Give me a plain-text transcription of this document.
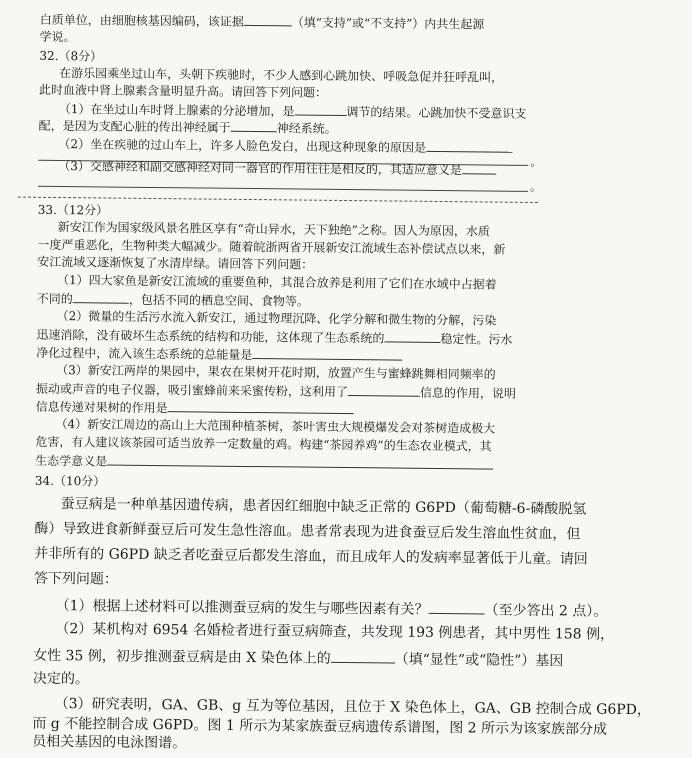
白质单位，由细胞核基因编码，该证据	（填“支持”或“不支持”）内共生起源
学说。
32.（8分）
在游乐园乘坐过山车，头朝下疾驰时，不少人感到心跳加快、呼吸急促并狂呼乱叫，
此时血液中肾上腺素含量明显升高。请回答下列问题：
（1）在坐过山车时肾上腺素的分泌增加，是	调节的结果。心跳加快不受意识支
配，是因为支配心脏的传出神经属于	神经系统。
（2）坐在疾驰的过山车上，许多人脸色发白，出现这种现象的原因是
。
（3）交感神经和副交感神经对同一器官的作用往往是相反的，其适应意义是
。
33.（12分）
新安江作为国家级风景名胜区享有“奇山异水，天下独绝”之称。因人为原因，水质
一度严重恶化，生物种类大幅减少。随着皖浙两省开展新安江流域生态补偿试点以来，新
安江流域又逐渐恢复了水清岸绿。请回答下列问题：
（1）四大家鱼是新安江流域的重要鱼种，其混合放养是利用了它们在水域中占据着
不同的	，包括不同的栖息空间、食物等。
（2）微量的生活污水流入新安江，通过物理沉降、化学分解和微生物的分解，污染
迅速消除，没有破坏生态系统的结构和功能，这体现了生态系统的	稳定性。污水
净化过程中，流入该生态系统的总能量是
（3）新安江两岸的果园中，果农在果树开花时期，放置产生与蜜蜂跳舞相同频率的
振动或声音的电子仪器，吸引蜜蜂前来采蜜传粉，这利用了	信息的作用，说明
信息传递对果树的作用是
（4）新安江周边的高山上大范围种植茶树，茶叶害虫大规模爆发会对茶树造成极大
危害，有人建议该茶园可适当放养一定数量的鸡。构建“茶园养鸡”的生态农业模式，其
生态学意义是
34.（10分）
蚕豆病是一种单基因遗传病，患者因红细胞中缺乏正常的 G6PD（葡萄糖-6-磷酸脱氢
酶）导致进食新鲜蚕豆后可发生急性溶血。患者常表现为进食蚕豆后发生溶血性贫血，但
并非所有的 G6PD 缺乏者吃蚕豆后都发生溶血，而且成年人的发病率显著低于儿童。请回
答下列问题：
（1）根据上述材料可以推测蚕豆病的发生与哪些因素有关？	（至少答出 2 点）。
（2）某机构对 6954 名婚检者进行蚕豆病筛查，共发现 193 例患者，其中男性 158 例，
女性 35 例，初步推测蚕豆病是由 X 染色体上的	（填“显性”或“隐性”）基因
决定的。
（3）研究表明，GA、GB、g 互为等位基因，且位于 X 染色体上，GA、GB 控制合成 G6PD，
而 g 不能控制合成 G6PD。图 1 所示为某家族蚕豆病遗传系谱图，图 2 所示为该家族部分成
员相关基因的电泳图谱。
